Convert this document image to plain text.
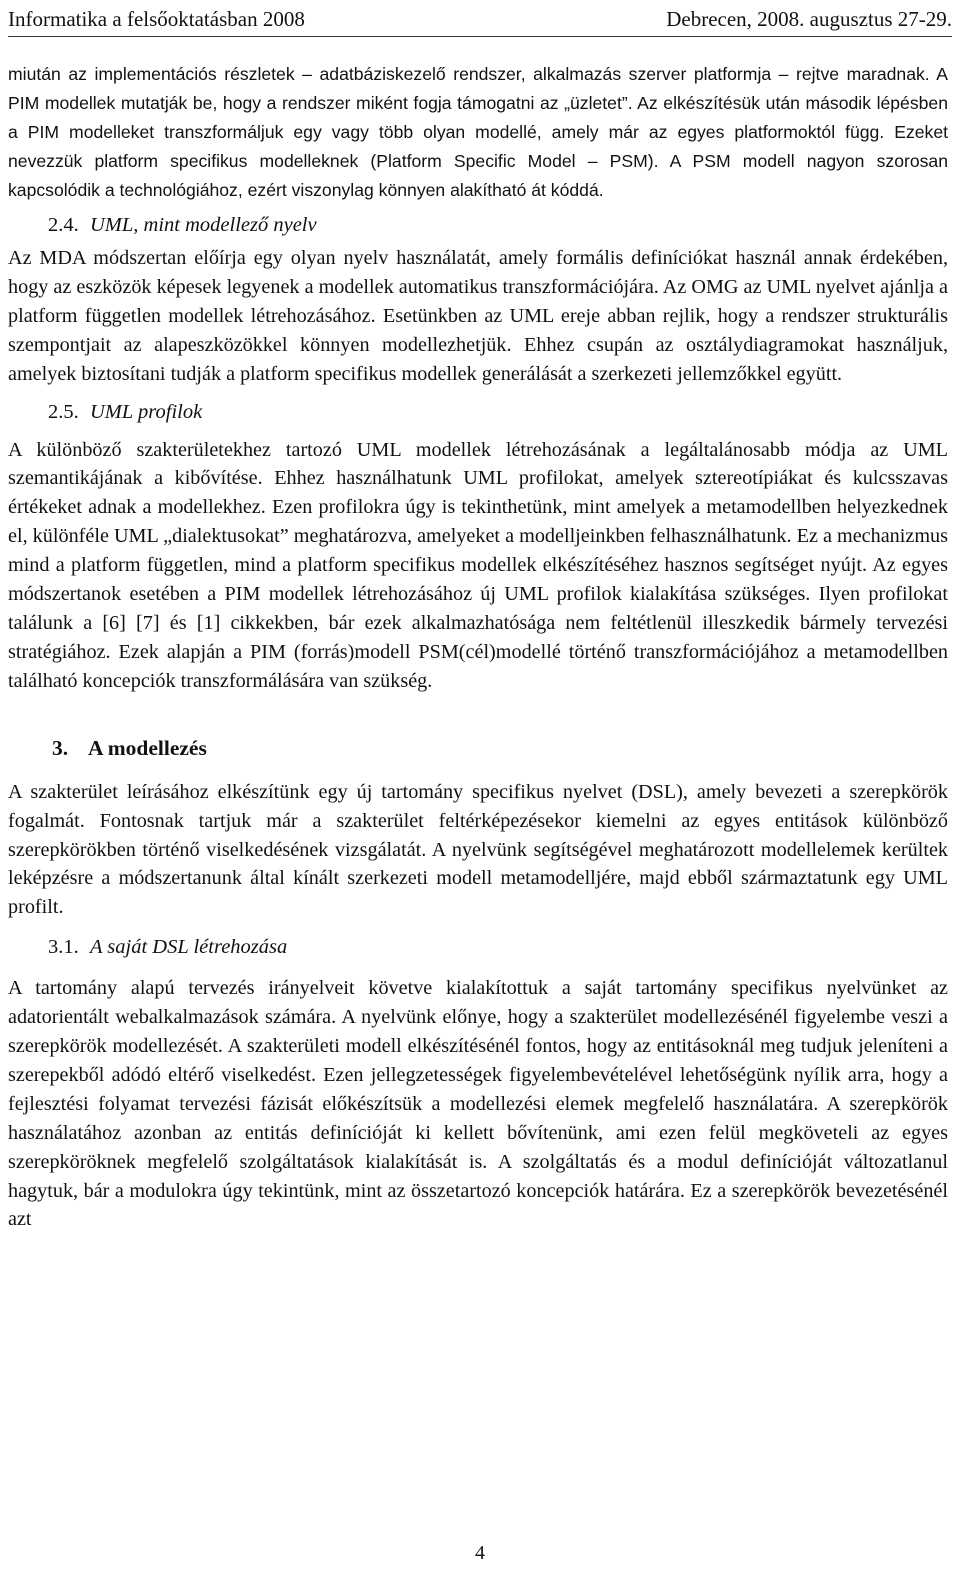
Informatika a felsőoktatásban 2008	Debrecen, 2008. augusztus 27-29.

miután az implementációs részletek – adatbáziskezelő rendszer, alkalmazás szerver platformja – rejtve maradnak. A PIM modellek mutatják be, hogy a rendszer miként fogja támogatni az „üzletet”. Az elkészítésük után második lépésben a PIM modelleket transzformáljuk egy vagy több olyan modellé, amely már az egyes platformoktól függ. Ezeket nevezzük platform specifikus modelleknek (Platform Specific Model – PSM). A PSM modell nagyon szorosan kapcsolódik a technológiához, ezért viszonylag könnyen alakítható át kóddá.

2.4. UML, mint modellező nyelv

Az MDA módszertan előírja egy olyan nyelv használatát, amely formális definíciókat használ annak érdekében, hogy az eszközök képesek legyenek a modellek automatikus transzformációjára. Az OMG az UML nyelvet ajánlja a platform független modellek létrehozásához. Esetünkben az UML ereje abban rejlik, hogy a rendszer strukturális szempontjait az alapeszközökkel könnyen modellezhetjük. Ehhez csupán az osztálydiagramokat használjuk, amelyek biztosítani tudják a platform specifikus modellek generálását a szerkezeti jellemzőkkel együtt.

2.5. UML profilok

A különböző szakterületekhez tartozó UML modellek létrehozásának a legáltalánosabb módja az UML szemantikájának a kibővítése. Ehhez használhatunk UML profilokat, amelyek sztereotípiákat és kulcsszavas értékeket adnak a modellekhez. Ezen profilokra úgy is tekinthetünk, mint amelyek a metamodellben helyezkednek el, különféle UML „dialektusokat” meghatározva, amelyeket a modelljeinkben felhasználhatunk. Ez a mechanizmus mind a platform független, mind a platform specifikus modellek elkészítéséhez hasznos segítséget nyújt. Az egyes módszertanok esetében a PIM modellek létrehozásához új UML profilok kialakítása szükséges. Ilyen profilokat találunk a [6] [7] és [1] cikkekben, bár ezek alkalmazhatósága nem feltétlenül illeszkedik bármely tervezési stratégiához. Ezek alapján a PIM (forrás)modell PSM(cél)modellé történő transzformációjához a metamodellben található koncepciók transzformálására van szükség.

3. A modellezés

A szakterület leírásához elkészítünk egy új tartomány specifikus nyelvet (DSL), amely bevezeti a szerepkörök fogalmát. Fontosnak tartjuk már a szakterület feltérképezésekor kiemelni az egyes entitások különböző szerepkörökben történő viselkedésének vizsgálatát. A nyelvünk segítségével meghatározott modellelemek kerültek leképzésre a módszertanunk által kínált szerkezeti modell metamodelljére, majd ebből származtatunk egy UML profilt.

3.1. A saját DSL létrehozása

A tartomány alapú tervezés irányelveit követve kialakítottuk a saját tartomány specifikus nyelvünket az adatorientált webalkalmazások számára. A nyelvünk előnye, hogy a szakterület modellezésénél figyelembe veszi a szerepkörök modellezését. A szakterületi modell elkészítésénél fontos, hogy az entitásoknál meg tudjuk jeleníteni a szerepekből adódó eltérő viselkedést. Ezen jellegzetességek figyelembevételével lehetőségünk nyílik arra, hogy a fejlesztési folyamat tervezési fázisát előkészítsük a modellezési elemek megfelelő használatára. A szerepkörök használatához azonban az entitás definícióját ki kellett bővítenünk, ami ezen felül megköveteli az egyes szerepköröknek megfelelő szolgáltatások kialakítását is. A szolgáltatás és a modul definícióját változatlanul hagytuk, bár a modulokra úgy tekintünk, mint az összetartozó koncepciók határára. Ez a szerepkörök bevezetésénél azt

4
